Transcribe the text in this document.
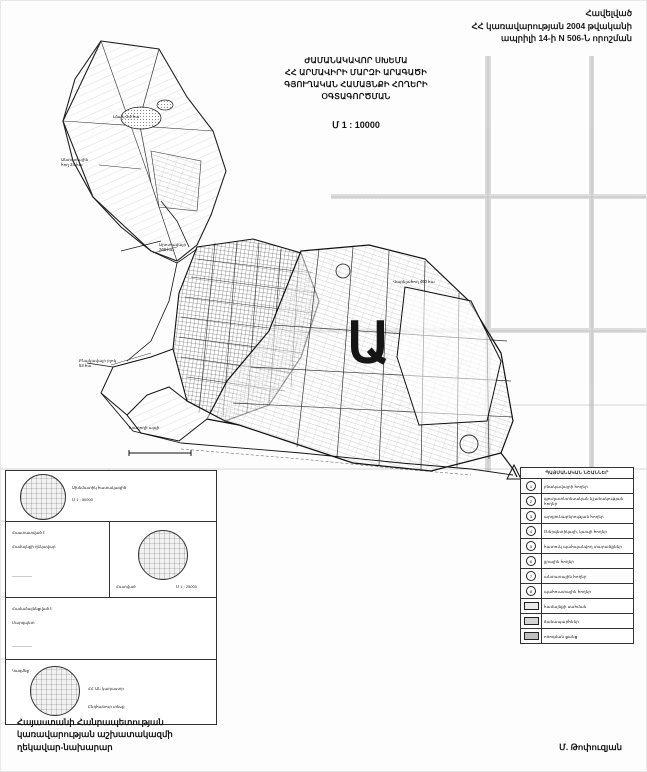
Ա
Հավելված
ՀՀ կառավարության 2004 թվականի
ապրիլի 14-ի N 506-Ն որոշման
ԺԱՄԱՆԱԿԱՎՈՐ ՍԽԵՄԱ
ՀՀ ԱՐՄԱՎԻՐԻ ՄԱՐԶԻ ԱՐԱԳԱԾԻ
ԳՅՈՒՂԱԿԱՆ ՀԱՄԱՅՆՔԻ ՀՈՂԵՐԻ
ՕԳՏԱԳՈՐԾՄԱՆ
Մ 1 : 10000
Լճակ 3.4 հա
Անտառային
հող 24 հա
Արոտավայր
268 հա
Բնակավայր բլոկ
53 հա
Վարելահող 460 հա
Խաղողի այգի
ՊԱՅՄԱՆԱԿԱՆ ՆՇԱՆՆԵՐ
1	բնակավայրի հողեր
2	գյուղատնտեսական նշանակության հողեր
3	արդյունաբերության հողեր
4	էներգետիկայի, կապի հողեր
5	հատուկ պահպանվող տարածքներ
6	ջրային հողեր
7	անտառային հողեր
8	պահուստային հողեր
համայնքի սահման
ճանապարհներ
ոռոգման ցանց
Սխեմատիկ հատակագիծ
Մ 1 : 50000
Հաստատված է
Համայնքի ղեկավար
_________
Հատված	Մ 1 : 25000
Համաձայնեցված է
Մարզպետ
_________
Կազմեց՝
ՀՀ ԱՆ կադաստր
Ընդհանուր տեսք
Հայաստանի Հանրապետության
կառավարության աշխատակազմի
ղեկավար-նախարար	Մ. Թոփուզյան
